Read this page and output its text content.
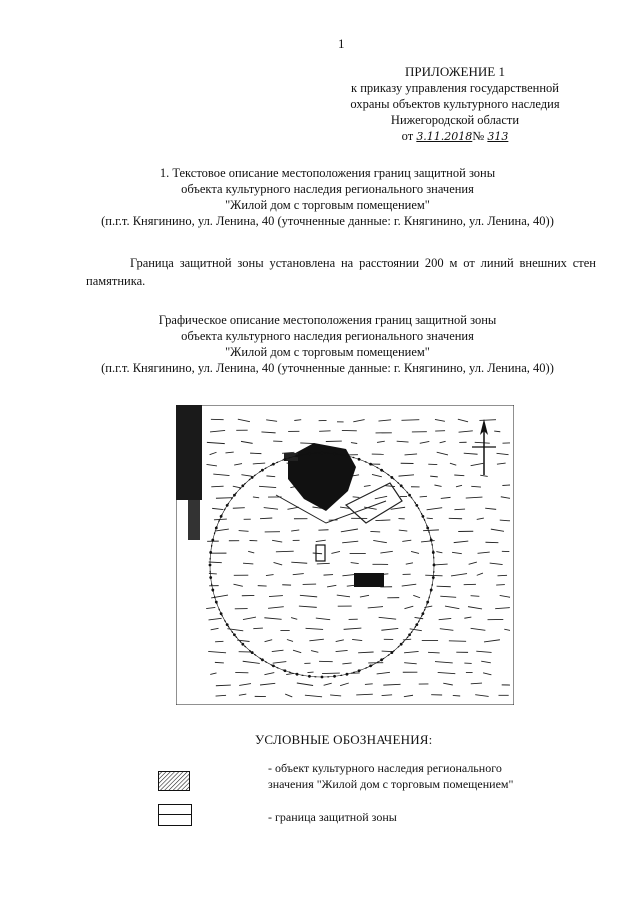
1
ПРИЛОЖЕНИЕ 1
к приказу управления государственной
охраны объектов культурного наследия
Нижегородской области
от 3.11.2018№ 313
1. Текстовое описание местоположения границ защитной зоны
объекта культурного наследия регионального значения
"Жилой дом с торговым помещением"
(п.г.т. Княгинино, ул. Ленина, 40 (уточненные данные: г. Княгинино, ул. Ленина, 40))
Граница защитной зоны установлена на расстоянии 200 м от линий внешних стен памятника.
Графическое описание местоположения границ защитной зоны
объекта культурного наследия регионального значения
"Жилой дом с торговым помещением"
(п.г.т. Княгинино, ул. Ленина, 40 (уточненные данные: г. Княгинино, ул. Ленина, 40))
УСЛОВНЫЕ ОБОЗНАЧЕНИЯ:
- объект культурного наследия регионального
значения "Жилой дом с торговым помещением"
- граница защитной зоны
